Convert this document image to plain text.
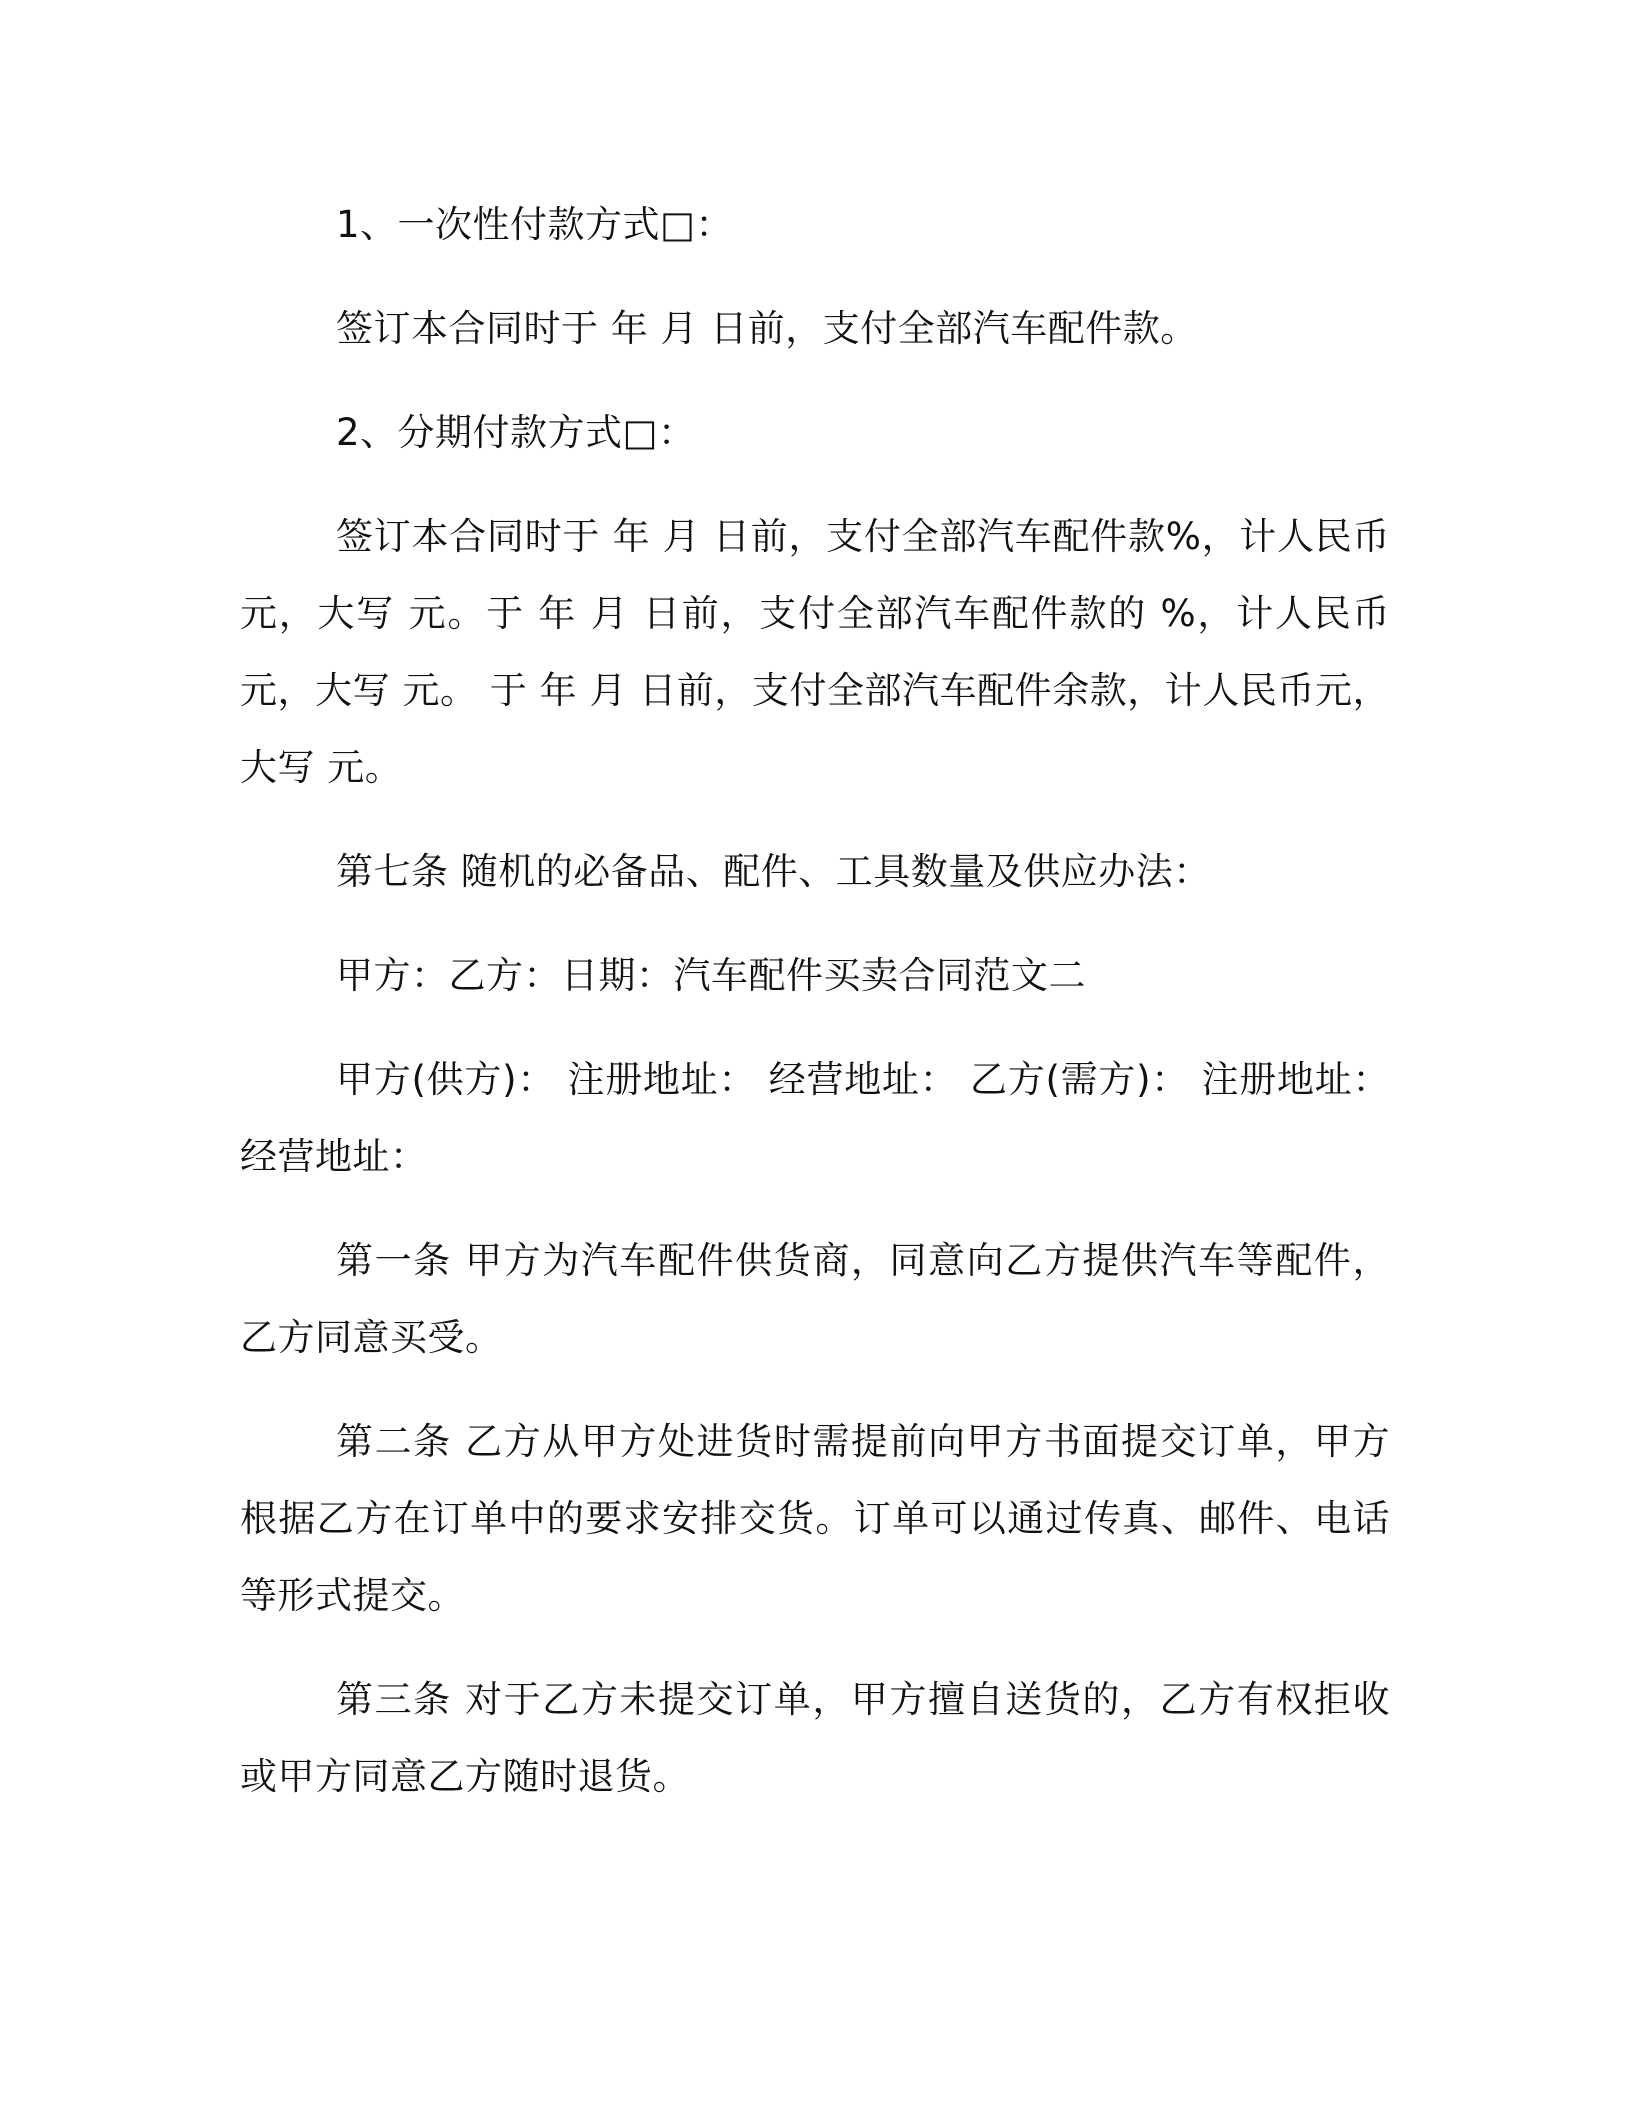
1、一次性付款方式□：

签订本合同时于 年 月 日前，支付全部汽车配件款。

2、分期付款方式□：

签订本合同时于 年 月 日前，支付全部汽车配件款%，计人民币 元，大写 元。于 年 月 日前，支付全部汽车配件款的 %，计人民币 元，大写 元。 于 年 月 日前，支付全部汽车配件余款，计人民币元，大写 元。

第七条 随机的必备品、配件、工具数量及供应办法：

甲方：乙方：日期：汽车配件买卖合同范文二

甲方(供方)： 注册地址： 经营地址： 乙方(需方)： 注册地址： 经营地址：

第一条 甲方为汽车配件供货商，同意向乙方提供汽车等配件，乙方同意买受。

第二条 乙方从甲方处进货时需提前向甲方书面提交订单，甲方根据乙方在订单中的要求安排交货。订单可以通过传真、邮件、电话等形式提交。

第三条 对于乙方未提交订单，甲方擅自送货的，乙方有权拒收或甲方同意乙方随时退货。
